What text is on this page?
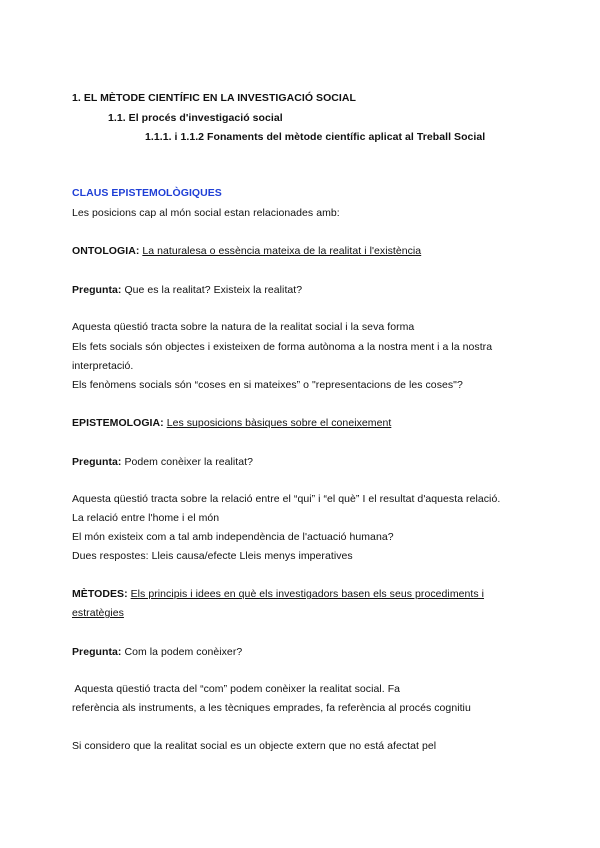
1. EL MÈTODE CIENTÍFIC EN LA INVESTIGACIÓ SOCIAL
1.1. El procés d'investigació social
1.1.1. i 1.1.2 Fonaments del mètode científic aplicat al Treball Social
CLAUS EPISTEMOLÒGIQUES
Les posicions cap al món social estan relacionades amb:
ONTOLOGIA: La naturalesa o essència mateixa de la realitat i l'existència
Pregunta: Que es la realitat? Existeix la realitat?
Aquesta qüestió tracta sobre la natura de la realitat social i la seva forma
Els fets socials són objectes i existeixen de forma autònoma a la nostra ment i a la nostra
interpretació.
Els fenòmens socials són “coses en si mateixes” o "representacions de les coses"?
EPISTEMOLOGIA: Les suposicions bàsiques sobre el coneixement
Pregunta: Podem conèixer la realitat?
Aquesta qüestió tracta sobre la relació entre el “qui” i “el què” I el resultat d'aquesta relació.
La relació entre l'home i el món
El món existeix com a tal amb independència de l'actuació humana?
Dues respostes: Lleis causa/efecte Lleis menys imperatives
MÈTODES: Els principis i idees en què els investigadors basen els seus procediments i
estratègies
Pregunta: Com la podem conèixer?
Aquesta qüestió tracta del “com” podem conèixer la realitat social. Fa
referència als instruments, a les tècniques emprades, fa referència al procés cognitiu
Si considero que la realitat social es un objecte extern que no está afectat pel
